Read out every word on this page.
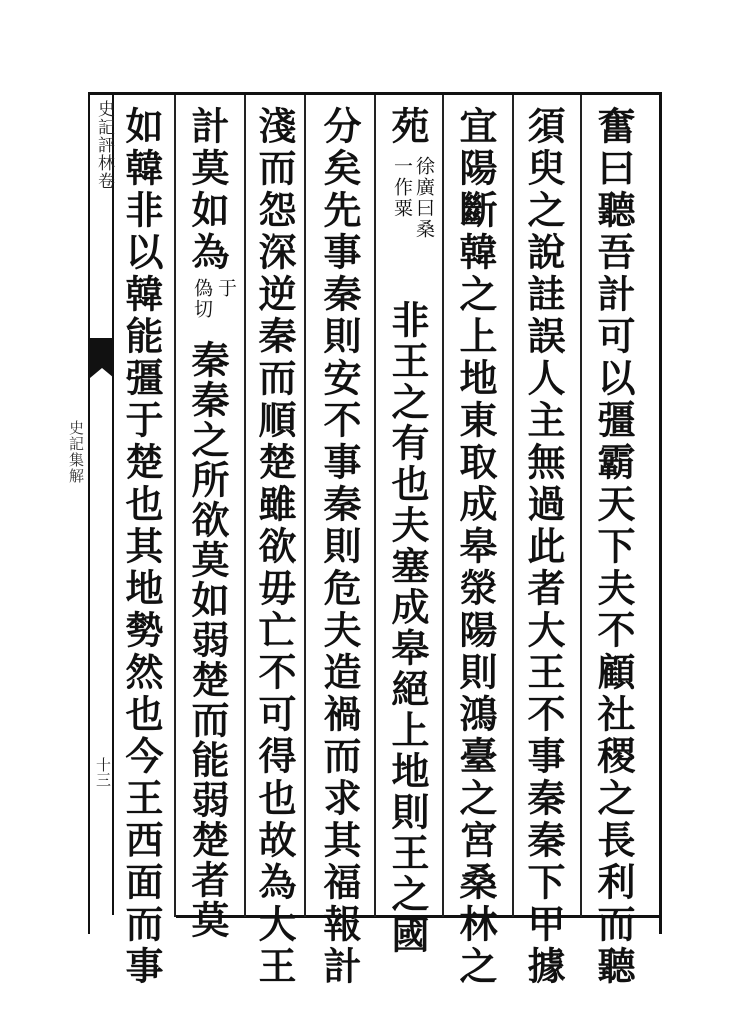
史記評林卷
史記集解
十三	奮曰聽吾計可以彊霸天下夫不顧社稷之長利而聽
須臾之說詿誤人主無過此者大王不事秦秦下甲據
宜陽斷韓之上地東取成皋滎陽則鴻臺之宮桑林之
苑
徐廣曰桑
一作粟
非王之有也夫塞成皋絕上地則王之國
分矣先事秦則安不事秦則危夫造禍而求其福報計
淺而怨深逆秦而順楚雖欲毋亡不可得也故為大王
計莫如為
于
偽切
秦秦之所欲莫如弱楚而能弱楚者莫
如韓非以韓能彊于楚也其地勢然也今王西面而事
